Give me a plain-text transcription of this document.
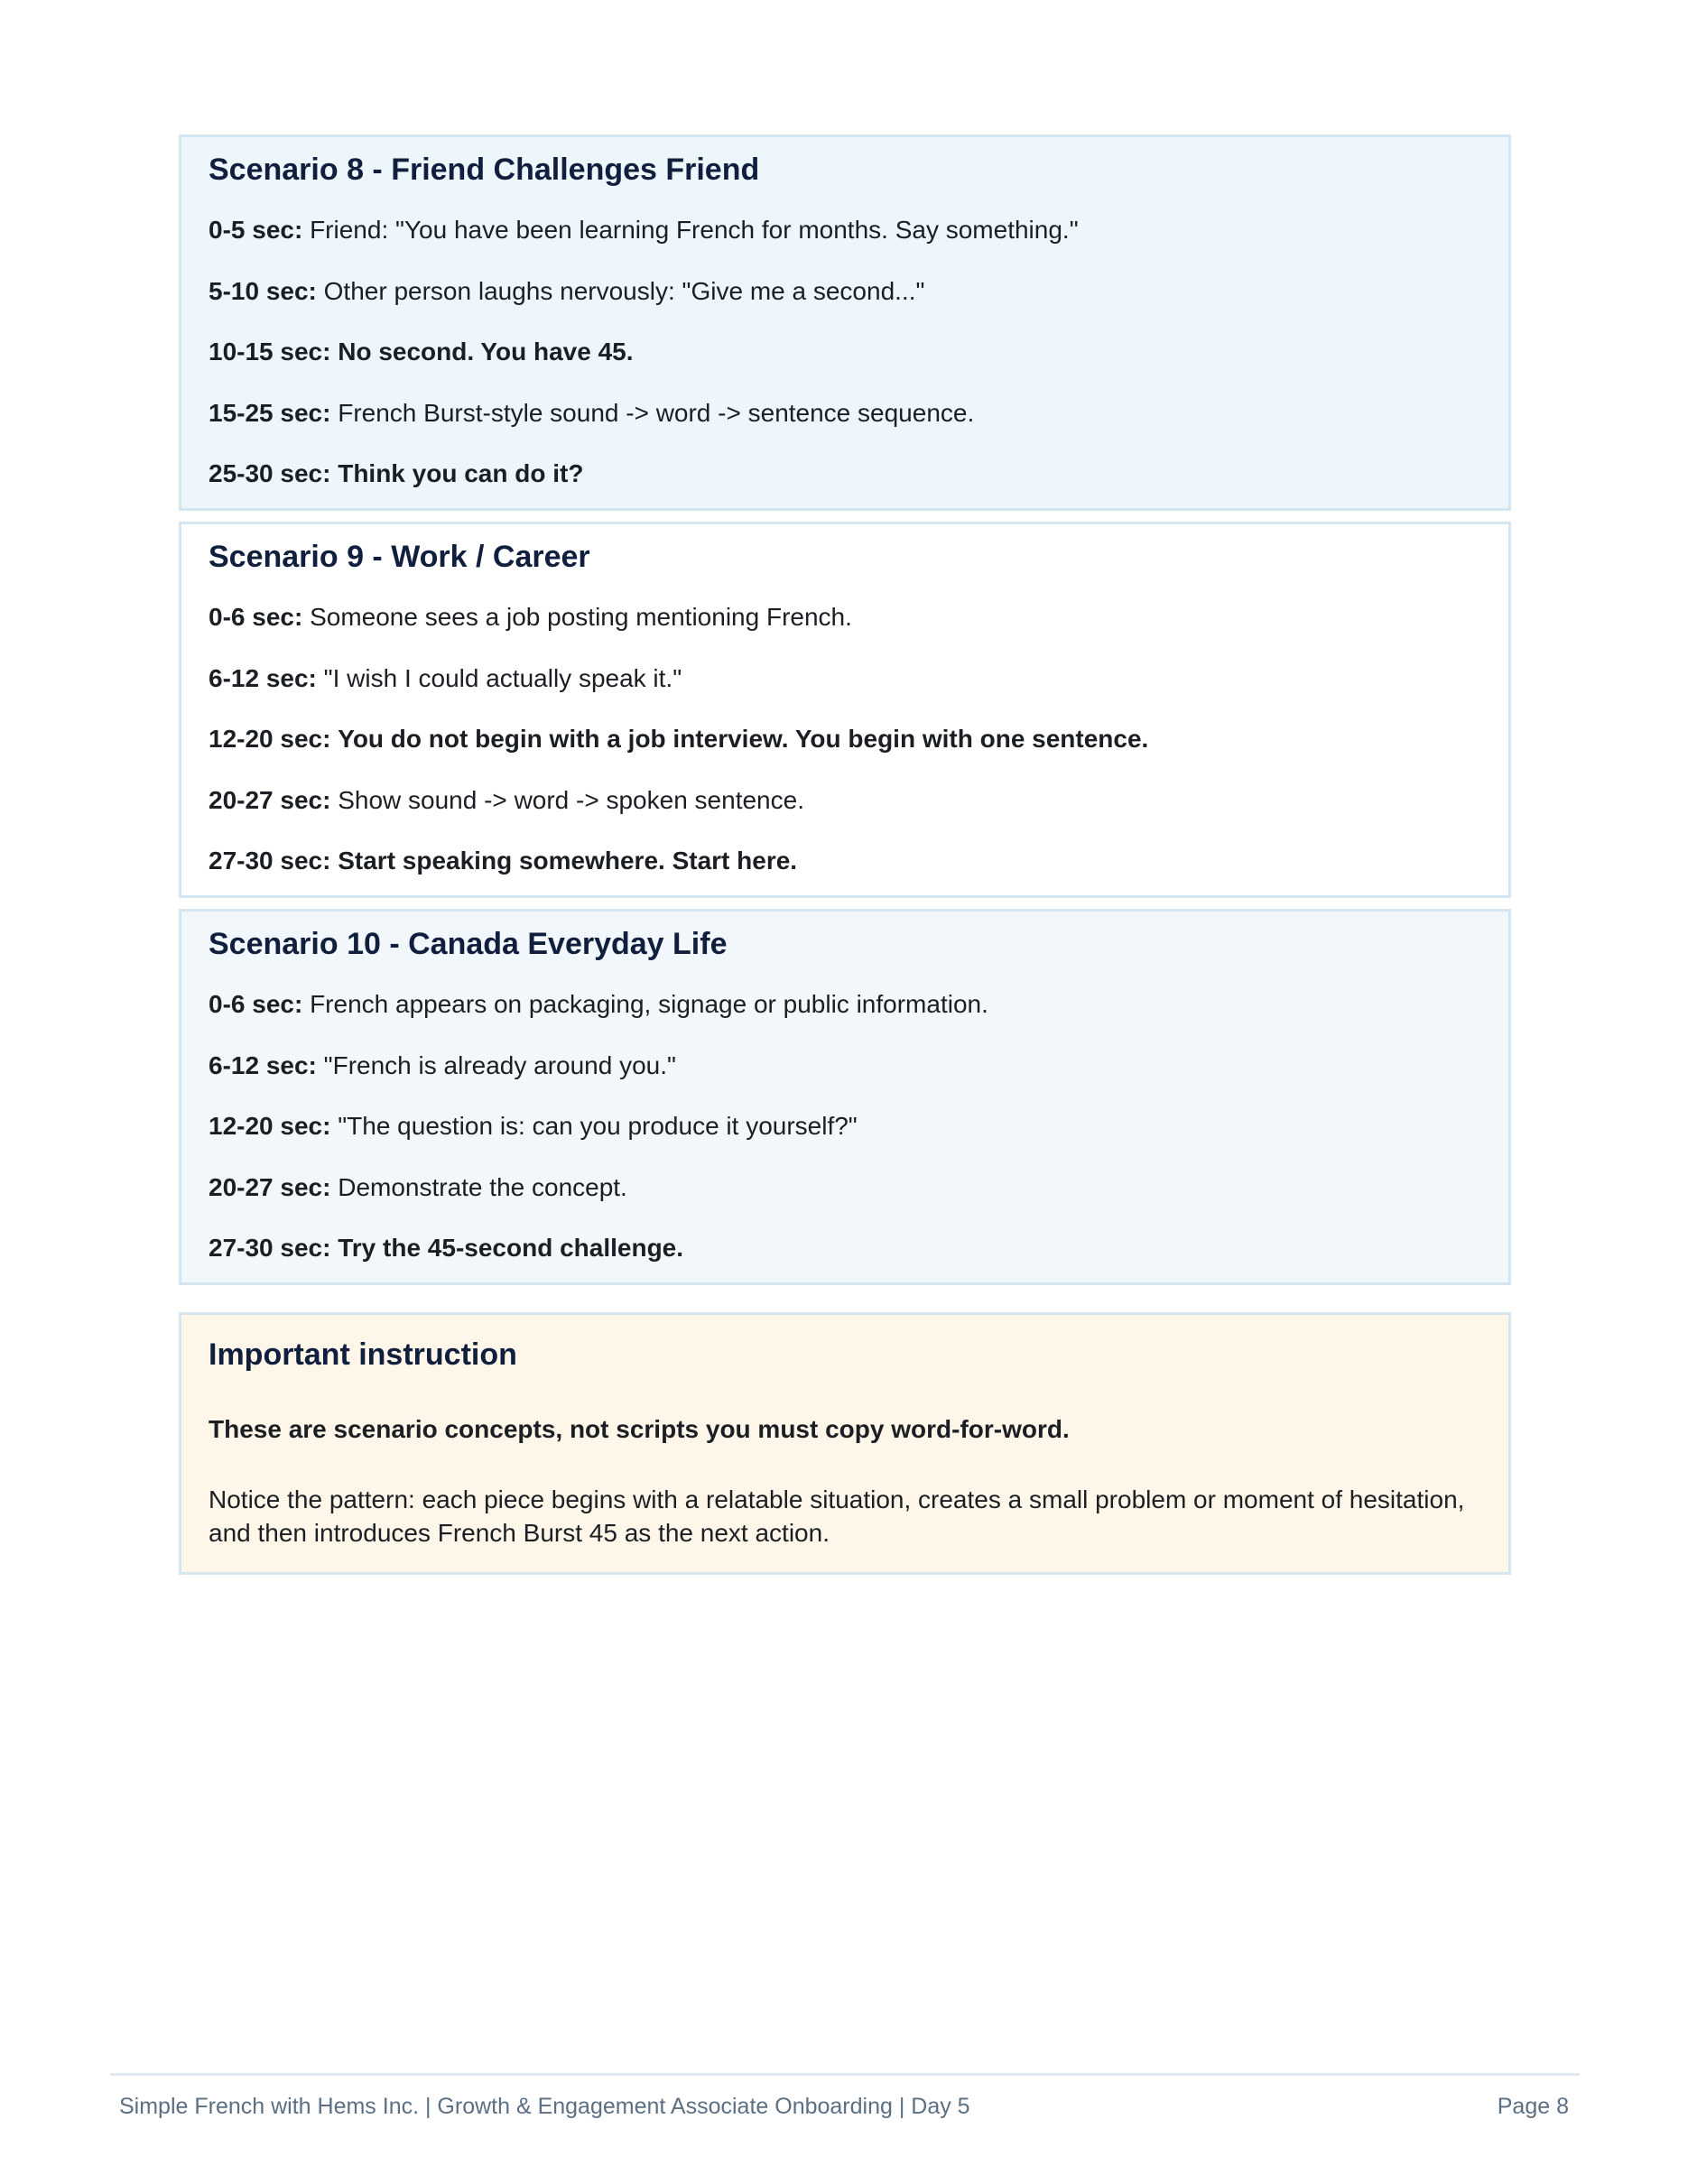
Scenario 8 - Friend Challenges Friend
0-5 sec: Friend: "You have been learning French for months. Say something."
5-10 sec: Other person laughs nervously: "Give me a second..."
10-15 sec: No second. You have 45.
15-25 sec: French Burst-style sound -> word -> sentence sequence.
25-30 sec: Think you can do it?
Scenario 9 - Work / Career
0-6 sec: Someone sees a job posting mentioning French.
6-12 sec: "I wish I could actually speak it."
12-20 sec: You do not begin with a job interview. You begin with one sentence.
20-27 sec: Show sound -> word -> spoken sentence.
27-30 sec: Start speaking somewhere. Start here.
Scenario 10 - Canada Everyday Life
0-6 sec: French appears on packaging, signage or public information.
6-12 sec: "French is already around you."
12-20 sec: "The question is: can you produce it yourself?"
20-27 sec: Demonstrate the concept.
27-30 sec: Try the 45-second challenge.
Important instruction
These are scenario concepts, not scripts you must copy word-for-word.
Notice the pattern: each piece begins with a relatable situation, creates a small problem or moment of hesitation, and then introduces French Burst 45 as the next action.
Simple French with Hems Inc. | Growth & Engagement Associate Onboarding | Day 5	Page 8
